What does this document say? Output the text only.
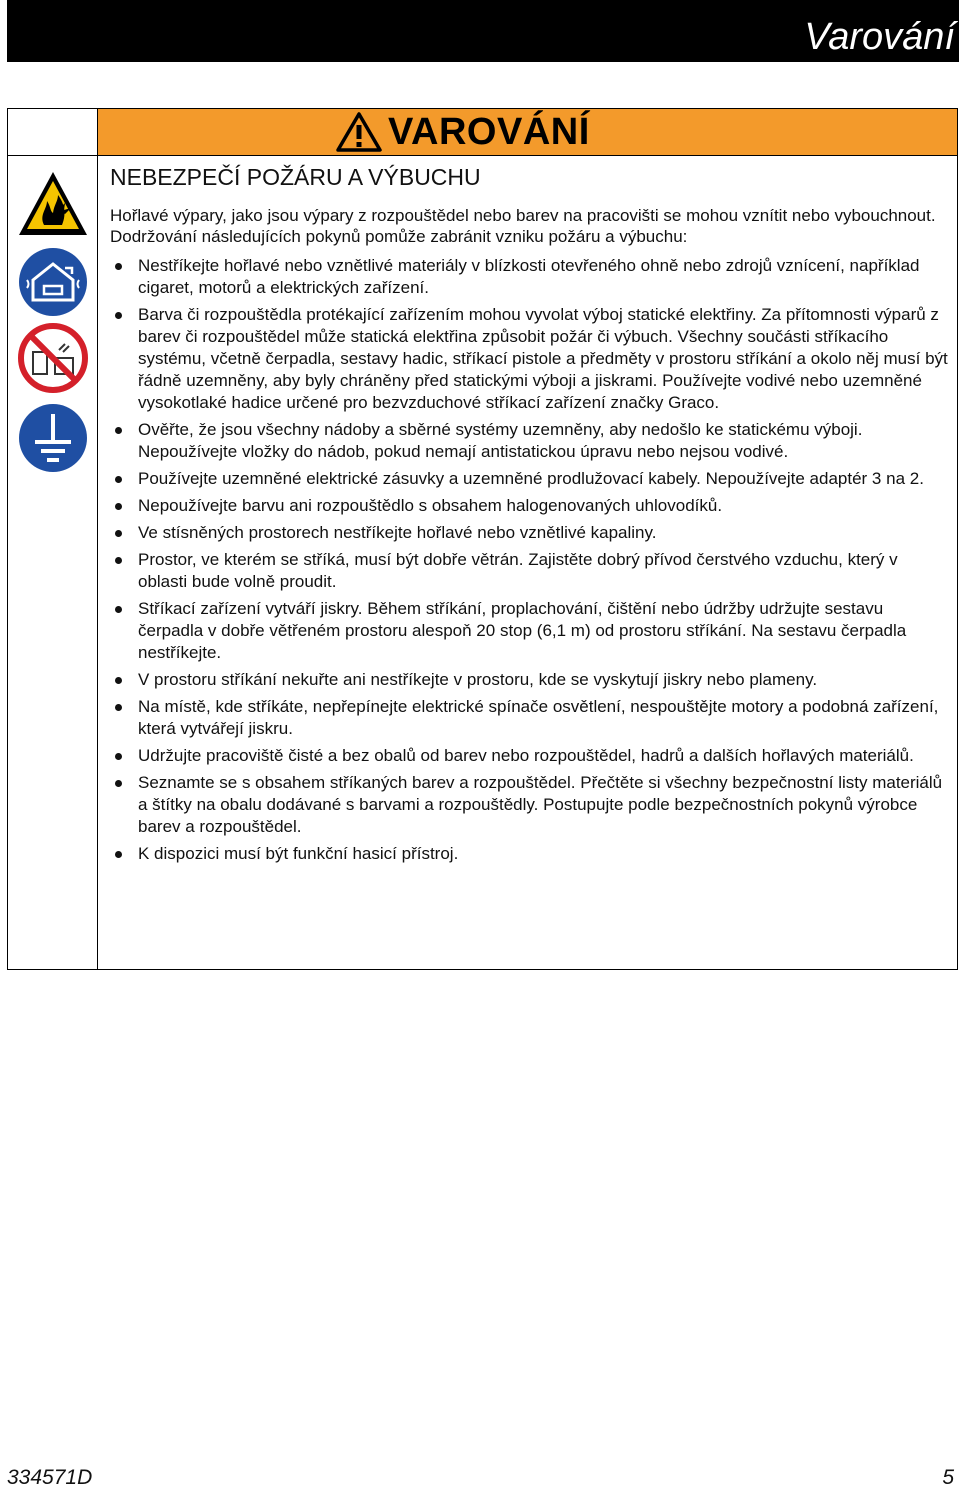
Varování
VAROVÁNÍ
NEBEZPEČÍ POŽÁRU A VÝBUCHU

Hořlavé výpary, jako jsou výpary z rozpouštědel nebo barev na pracovišti se mohou vznítit nebo vybouchnout. Dodržování následujících pokynů pomůže zabránit vzniku požáru a výbuchu:

Nestříkejte hořlavé nebo vznětlivé materiály v blízkosti otevřeného ohně nebo zdrojů vznícení, například cigaret, motorů a elektrických zařízení.
Barva či rozpouštědla protékající zařízením mohou vyvolat výboj statické elektřiny. Za přítomnosti výparů z barev či rozpouštědel může statická elektřina způsobit požár či výbuch. Všechny součásti stříkacího systému, včetně čerpadla, sestavy hadic, stříkací pistole a předměty v prostoru stříkání a okolo něj musí být řádně uzemněny, aby byly chráněny před statickými výboji a jiskrami. Používejte vodivé nebo uzemněné vysokotlaké hadice určené pro bezvzduchové stříkací zařízení značky Graco.
Ověřte, že jsou všechny nádoby a sběrné systémy uzemněny, aby nedošlo ke statickému výboji. Nepoužívejte vložky do nádob, pokud nemají antistatickou úpravu nebo nejsou vodivé.
Používejte uzemněné elektrické zásuvky a uzemněné prodlužovací kabely. Nepoužívejte adaptér 3 na 2.
Nepoužívejte barvu ani rozpouštědlo s obsahem halogenovaných uhlovodíků.
Ve stísněných prostorech nestříkejte hořlavé nebo vznětlivé kapaliny.
Prostor, ve kterém se stříká, musí být dobře větrán. Zajistěte dobrý přívod čerstvého vzduchu, který v oblasti bude volně proudit.
Stříkací zařízení vytváří jiskry. Během stříkání, proplachování, čištění nebo údržby udržujte sestavu čerpadla v dobře větřeném prostoru alespoň 20 stop (6,1 m) od prostoru stříkání. Na sestavu čerpadla nestříkejte.
V prostoru stříkání nekuřte ani nestříkejte v prostoru, kde se vyskytují jiskry nebo plameny.
Na místě, kde stříkáte, nepřepínejte elektrické spínače osvětlení, nespouštějte motory a podobná zařízení, která vytvářejí jiskru.
Udržujte pracoviště čisté a bez obalů od barev nebo rozpouštědel, hadrů a dalších hořlavých materiálů.
Seznamte se s obsahem stříkaných barev a rozpouštědel. Přečtěte si všechny bezpečnostní listy materiálů a štítky na obalu dodávané s barvami a rozpouštědly. Postupujte podle bezpečnostních pokynů výrobce barev a rozpouštědel.
K dispozici musí být funkční hasicí přístroj.
334571D	5
